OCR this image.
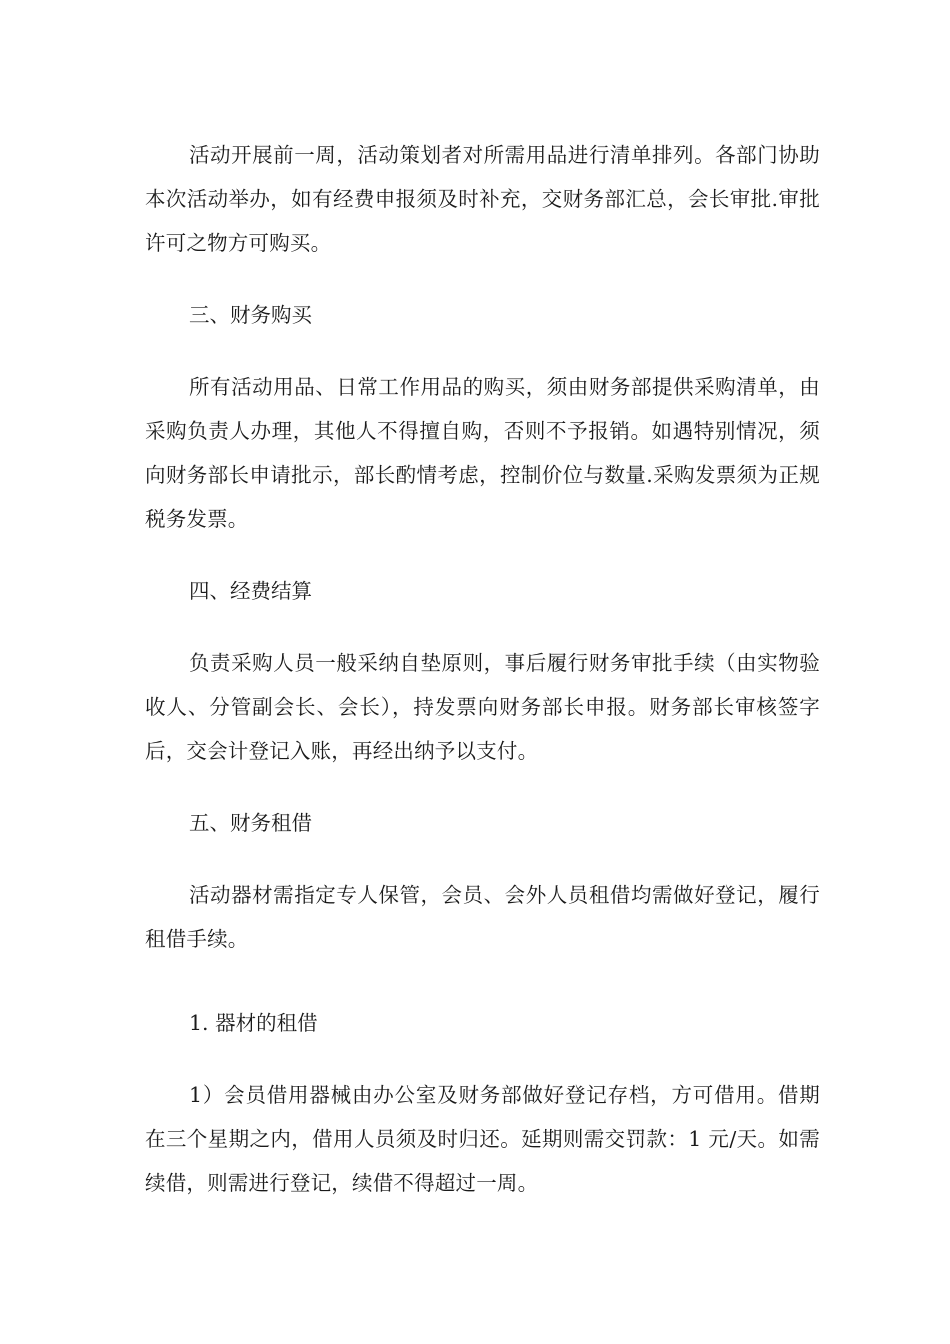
活动开展前一周，活动策划者对所需用品进行清单排列。各部门协助本次活动举办，如有经费申报须及时补充，交财务部汇总，会长审批.审批许可之物方可购买。

三、财务购买

所有活动用品、日常工作用品的购买，须由财务部提供采购清单，由采购负责人办理，其他人不得擅自购，否则不予报销。如遇特别情况，须向财务部长申请批示，部长酌情考虑，控制价位与数量.采购发票须为正规税务发票。

四、经费结算

负责采购人员一般采纳自垫原则，事后履行财务审批手续（由实物验收人、分管副会长、会长），持发票向财务部长申报。财务部长审核签字后，交会计登记入账，再经出纳予以支付。

五、财务租借

活动器材需指定专人保管，会员、会外人员租借均需做好登记，履行租借手续。

1. 器材的租借

1）会员借用器械由办公室及财务部做好登记存档，方可借用。借期在三个星期之内，借用人员须及时归还。延期则需交罚款：1 元/天。如需续借，则需进行登记，续借不得超过一周。
